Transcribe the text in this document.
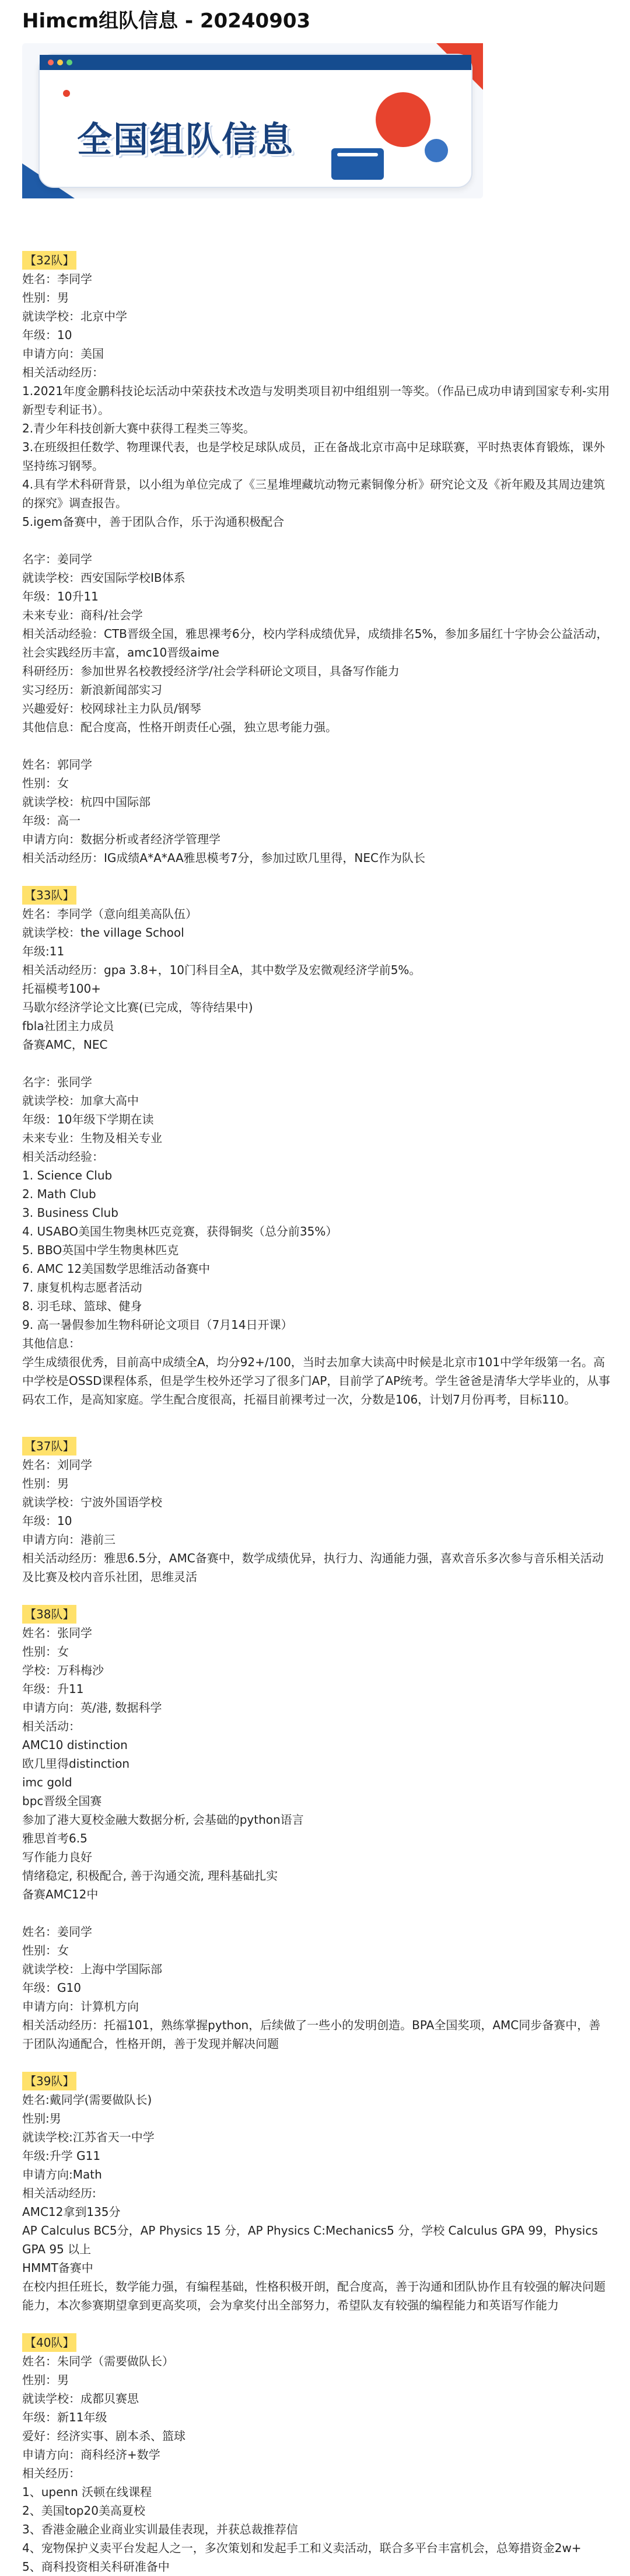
Himcm组队信息 - 20240903
全国组队信息
【32队】
姓名：李同学
性别：男
就读学校：北京中学
年级：10
申请方向：美国
相关活动经历：
1.2021年度金鹏科技论坛活动中荣获技术改造与发明类项目初中组组别一等奖。（作品已成功申请到国家专利-实用新型专利证书）。
2.青少年科技创新大赛中获得工程类三等奖。
3.在班级担任数学、物理课代表，也是学校足球队成员，正在备战北京市高中足球联赛，平时热衷体育锻炼，课外坚持练习钢琴。
4.具有学术科研背景，以小组为单位完成了《三星堆埋藏坑动物元素铜像分析》研究论文及《祈年殿及其周边建筑的探究》调查报告。
5.igem备赛中，善于团队合作，乐于沟通积极配合
名字：姜同学
就读学校：西安国际学校IB体系
年级：10升11
未来专业：商科/社会学
相关活动经验：CTB晋级全国，雅思裸考6分，校内学科成绩优异，成绩排名5%，参加多届红十字协会公益活动，社会实践经历丰富，amc10晋级aime
科研经历：参加世界名校教授经济学/社会学科研论文项目，具备写作能力
实习经历：新浪新闻部实习
兴趣爱好：校网球社主力队员/钢琴
其他信息：配合度高，性格开朗责任心强，独立思考能力强。
姓名：郭同学
性别：女
就读学校：杭四中国际部
年级：高一
申请方向：数据分析或者经济学管理学
相关活动经历：IG成绩A*A*AA雅思模考7分，参加过欧几里得，NEC作为队长
【33队】
姓名：李同学（意向组美高队伍）
就读学校：the village School
年级:11
相关活动经历：gpa 3.8+，10门科目全A，其中数学及宏微观经济学前5%。
托福模考100+
马歇尔经济学论文比赛(已完成，等待结果中)
fbla社团主力成员
备赛AMC，NEC
名字：张同学
就读学校：加拿大高中
年级：10年级下学期在读
未来专业：生物及相关专业
相关活动经验：
1. Science Club
2. Math Club
3. Business Club
4. USABO美国生物奥林匹克竞赛，获得铜奖（总分前35%）
5. BBO英国中学生物奥林匹克
6. AMC 12美国数学思维活动备赛中
7. 康复机构志愿者活动
8. 羽毛球、篮球、健身
9. 高一暑假参加生物科研论文项目（7月14日开课）
其他信息：
学生成绩很优秀，目前高中成绩全A，均分92+/100，当时去加拿大读高中时候是北京市101中学年级第一名。高中学校是OSSD课程体系，但是学生校外还学习了很多门AP，目前学了AP统考。学生爸爸是清华大学毕业的，从事码农工作，是高知家庭。学生配合度很高，托福目前裸考过一次，分数是106，计划7月份再考，目标110。
【37队】
姓名：刘同学
性别：男
就读学校：宁波外国语学校
年级：10
申请方向：港前三
相关活动经历：雅思6.5分，AMC备赛中，数学成绩优异，执行力、沟通能力强，喜欢音乐多次参与音乐相关活动及比赛及校内音乐社团，思维灵活
【38队】
姓名：张同学
性别：女
学校：万科梅沙
年级：升11
申请方向：英/港, 数据科学
相关活动：
AMC10 distinction
欧几里得distinction
imc gold
bpc晋级全国赛
参加了港大夏校金融大数据分析, 会基础的python语言
雅思首考6.5
写作能力良好
情绪稳定, 积极配合, 善于沟通交流, 理科基础扎实
备赛AMC12中
姓名：姜同学
性别：女
就读学校：上海中学国际部
年级：G10
申请方向：计算机方向
相关活动经历：托福101，熟练掌握python，后续做了一些小的发明创造。BPA全国奖项，AMC同步备赛中，善于团队沟通配合，性格开朗，善于发现并解决问题
【39队】
姓名:戴同学(需要做队长)
性别:男
就读学校:江苏省天一中学
年级:升学 G11
申请方向:Math
相关活动经历:
AMC12拿到135分
AP Calculus BC5分，AP Physics 15 分，AP Physics C:Mechanics5 分，学校 Calculus GPA 99，Physics GPA 95 以上
HMMT备赛中
在校内担任班长，数学能力强，有编程基础，性格积极开朗，配合度高，善于沟通和团队协作且有较强的解决问题能力，本次参赛期望拿到更高奖项，会为拿奖付出全部努力，希望队友有较强的编程能力和英语写作能力
【40队】
姓名：朱同学（需要做队长）
性别：男
就读学校：成都贝赛思
年级：新11年级
爱好：经济实事、剧本杀、篮球
申请方向：商科经济+数学
相关经历：
1、upenn 沃顿在线课程
2、美国top20美高夏校
3、香港金融企业商业实训最佳表现，并获总裁推荐信
4、宠物保护义卖平台发起人之一，多次策划和发起手工和义卖活动，联合多平台丰富机会，总筹措资金2w+
5、商科投资相关科研准备中
